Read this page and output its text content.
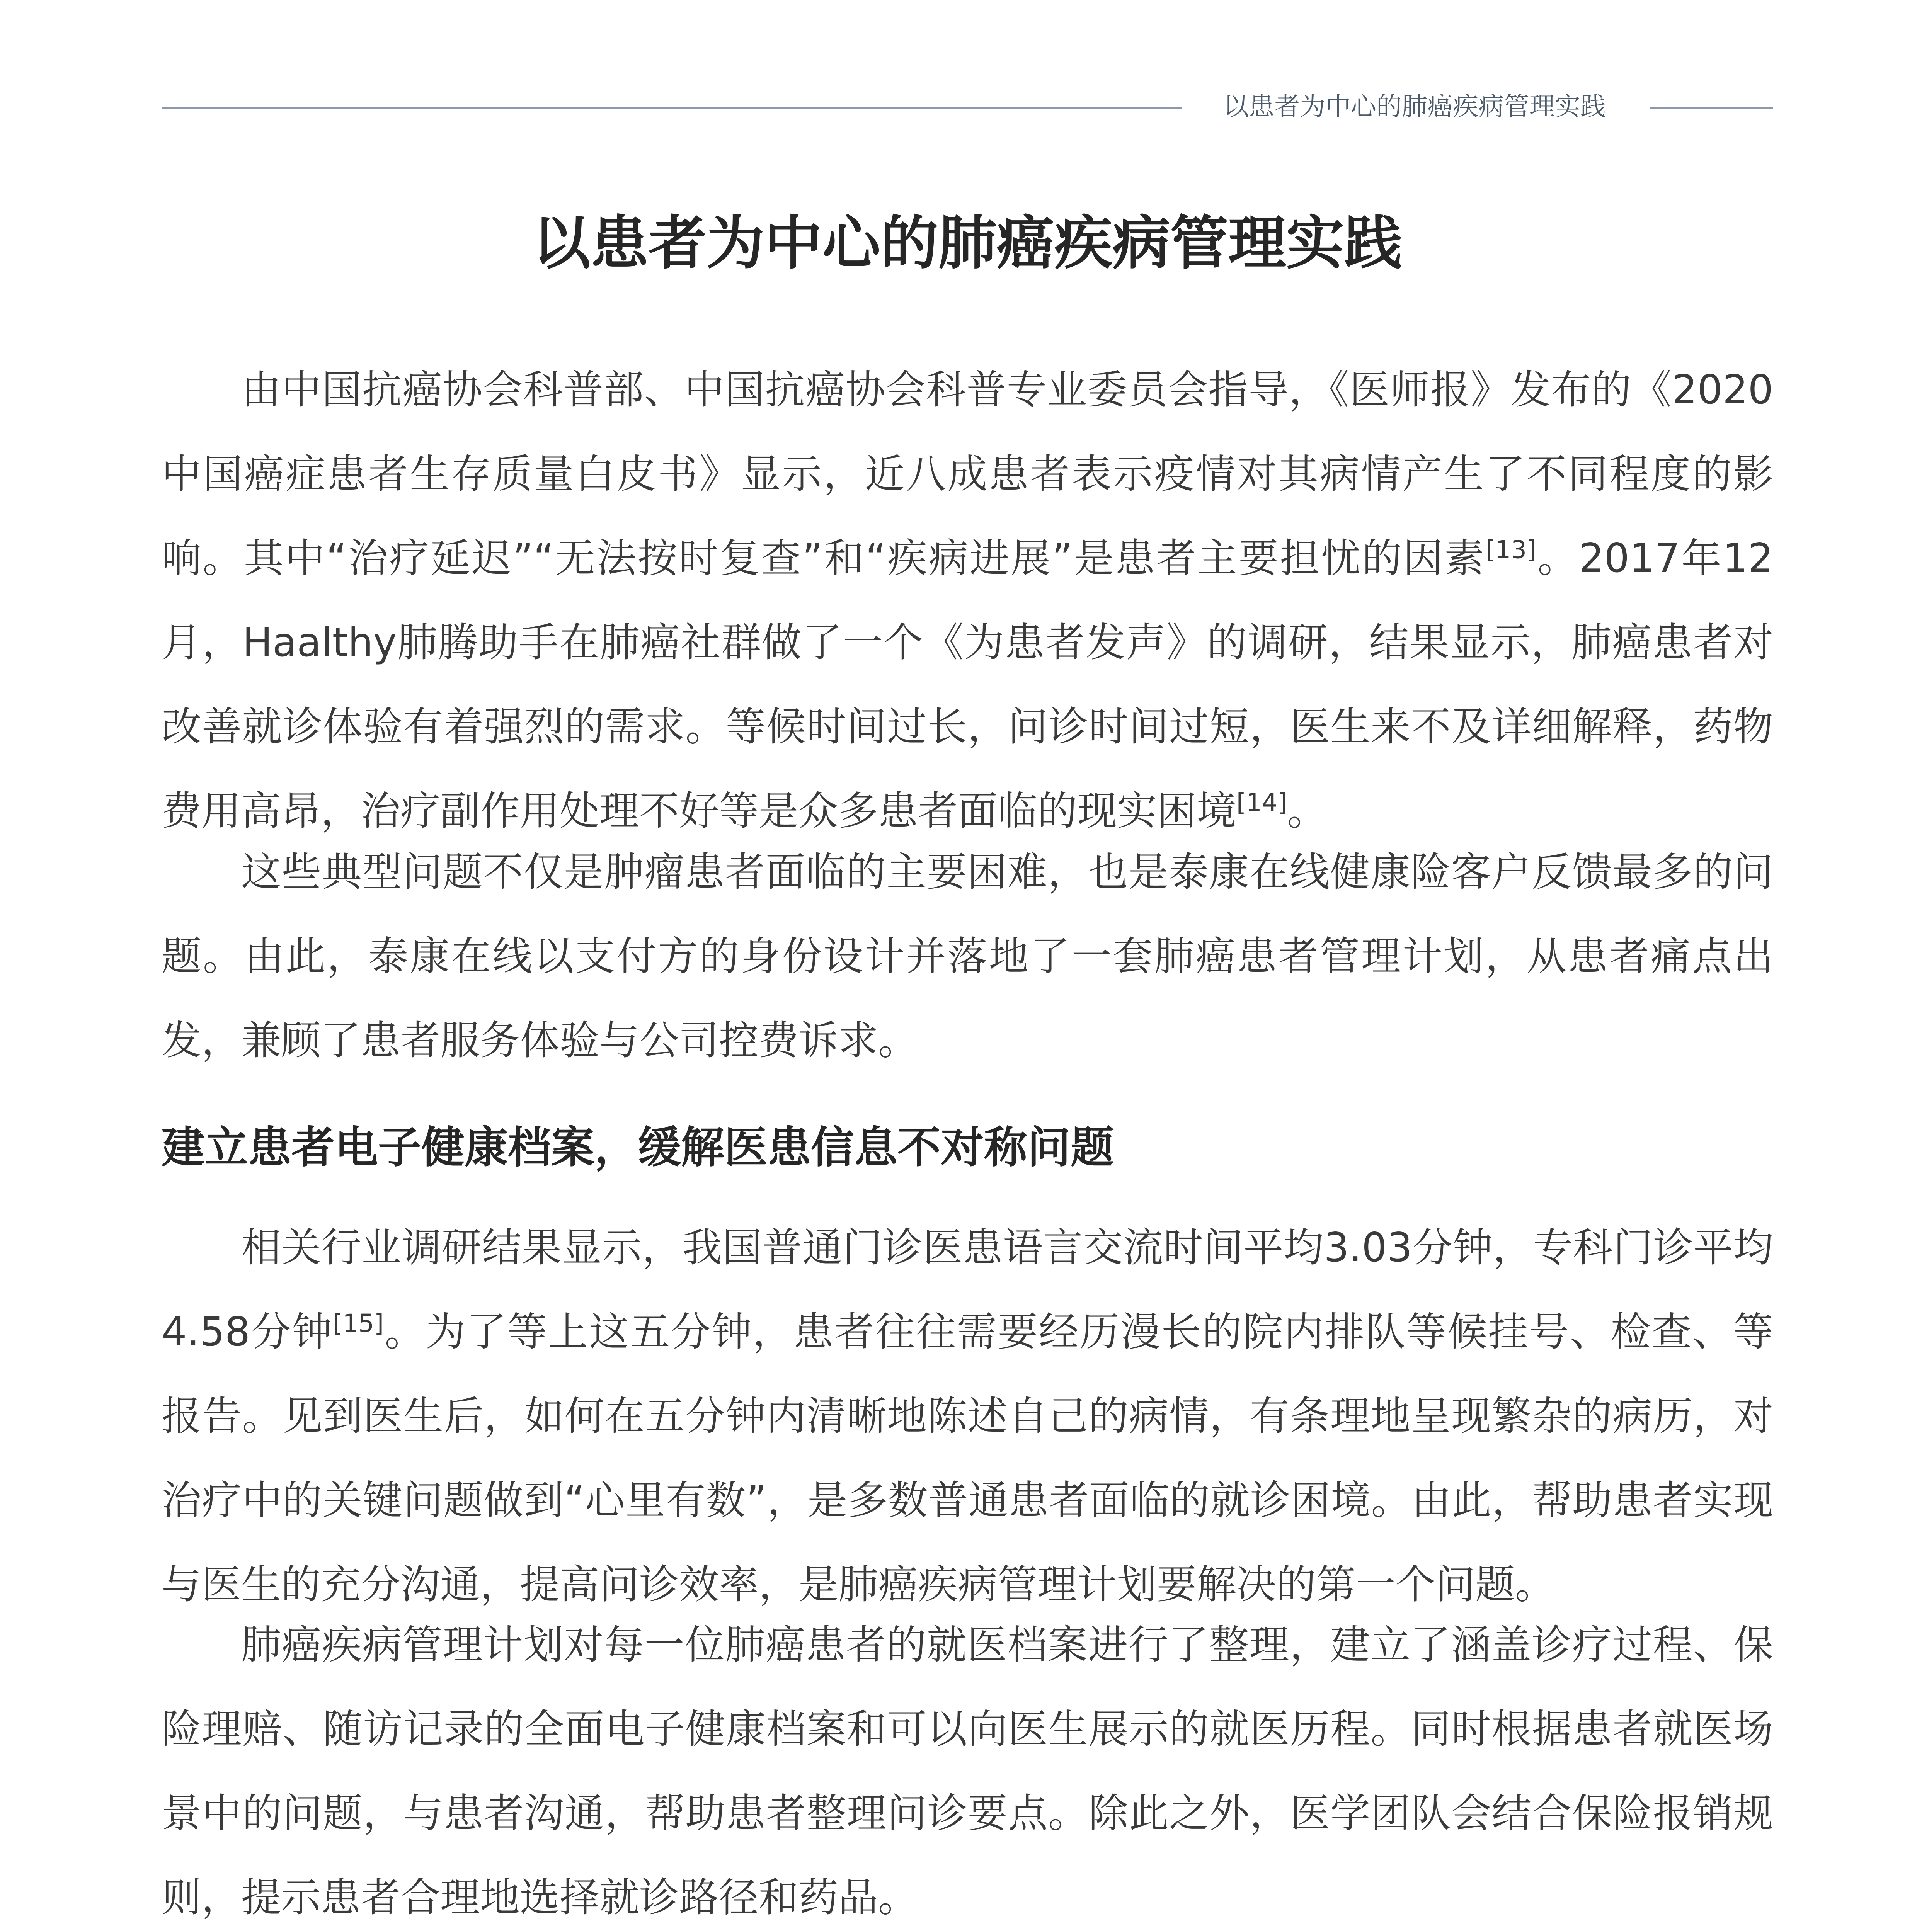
以患者为中心的肺癌疾病管理实践
以患者为中心的肺癌疾病管理实践

由中国抗癌协会科普部、中国抗癌协会科普专业委员会指导，《医师报》发布的《2020中国癌症患者生存质量白皮书》显示，近八成患者表示疫情对其病情产生了不同程度的影响。其中“治疗延迟”“无法按时复查”和“疾病进展”是患者主要担忧的因素[13]。2017年12月，Haalthy肺腾助手在肺癌社群做了一个《为患者发声》的调研，结果显示，肺癌患者对改善就诊体验有着强烈的需求。等候时间过长，问诊时间过短，医生来不及详细解释，药物费用高昂，治疗副作用处理不好等是众多患者面临的现实困境[14]。

这些典型问题不仅是肿瘤患者面临的主要困难，也是泰康在线健康险客户反馈最多的问题。由此，泰康在线以支付方的身份设计并落地了一套肺癌患者管理计划，从患者痛点出发，兼顾了患者服务体验与公司控费诉求。

建立患者电子健康档案，缓解医患信息不对称问题

相关行业调研结果显示，我国普通门诊医患语言交流时间平均3.03分钟，专科门诊平均4.58分钟[15]。为了等上这五分钟，患者往往需要经历漫长的院内排队等候挂号、检查、等报告。见到医生后，如何在五分钟内清晰地陈述自己的病情，有条理地呈现繁杂的病历，对治疗中的关键问题做到“心里有数”，是多数普通患者面临的就诊困境。由此，帮助患者实现与医生的充分沟通，提高问诊效率，是肺癌疾病管理计划要解决的第一个问题。

肺癌疾病管理计划对每一位肺癌患者的就医档案进行了整理，建立了涵盖诊疗过程、保险理赔、随访记录的全面电子健康档案和可以向医生展示的就医历程。同时根据患者就医场景中的问题，与患者沟通，帮助患者整理问诊要点。除此之外，医学团队会结合保险报销规则，提示患者合理地选择就诊路径和药品。
